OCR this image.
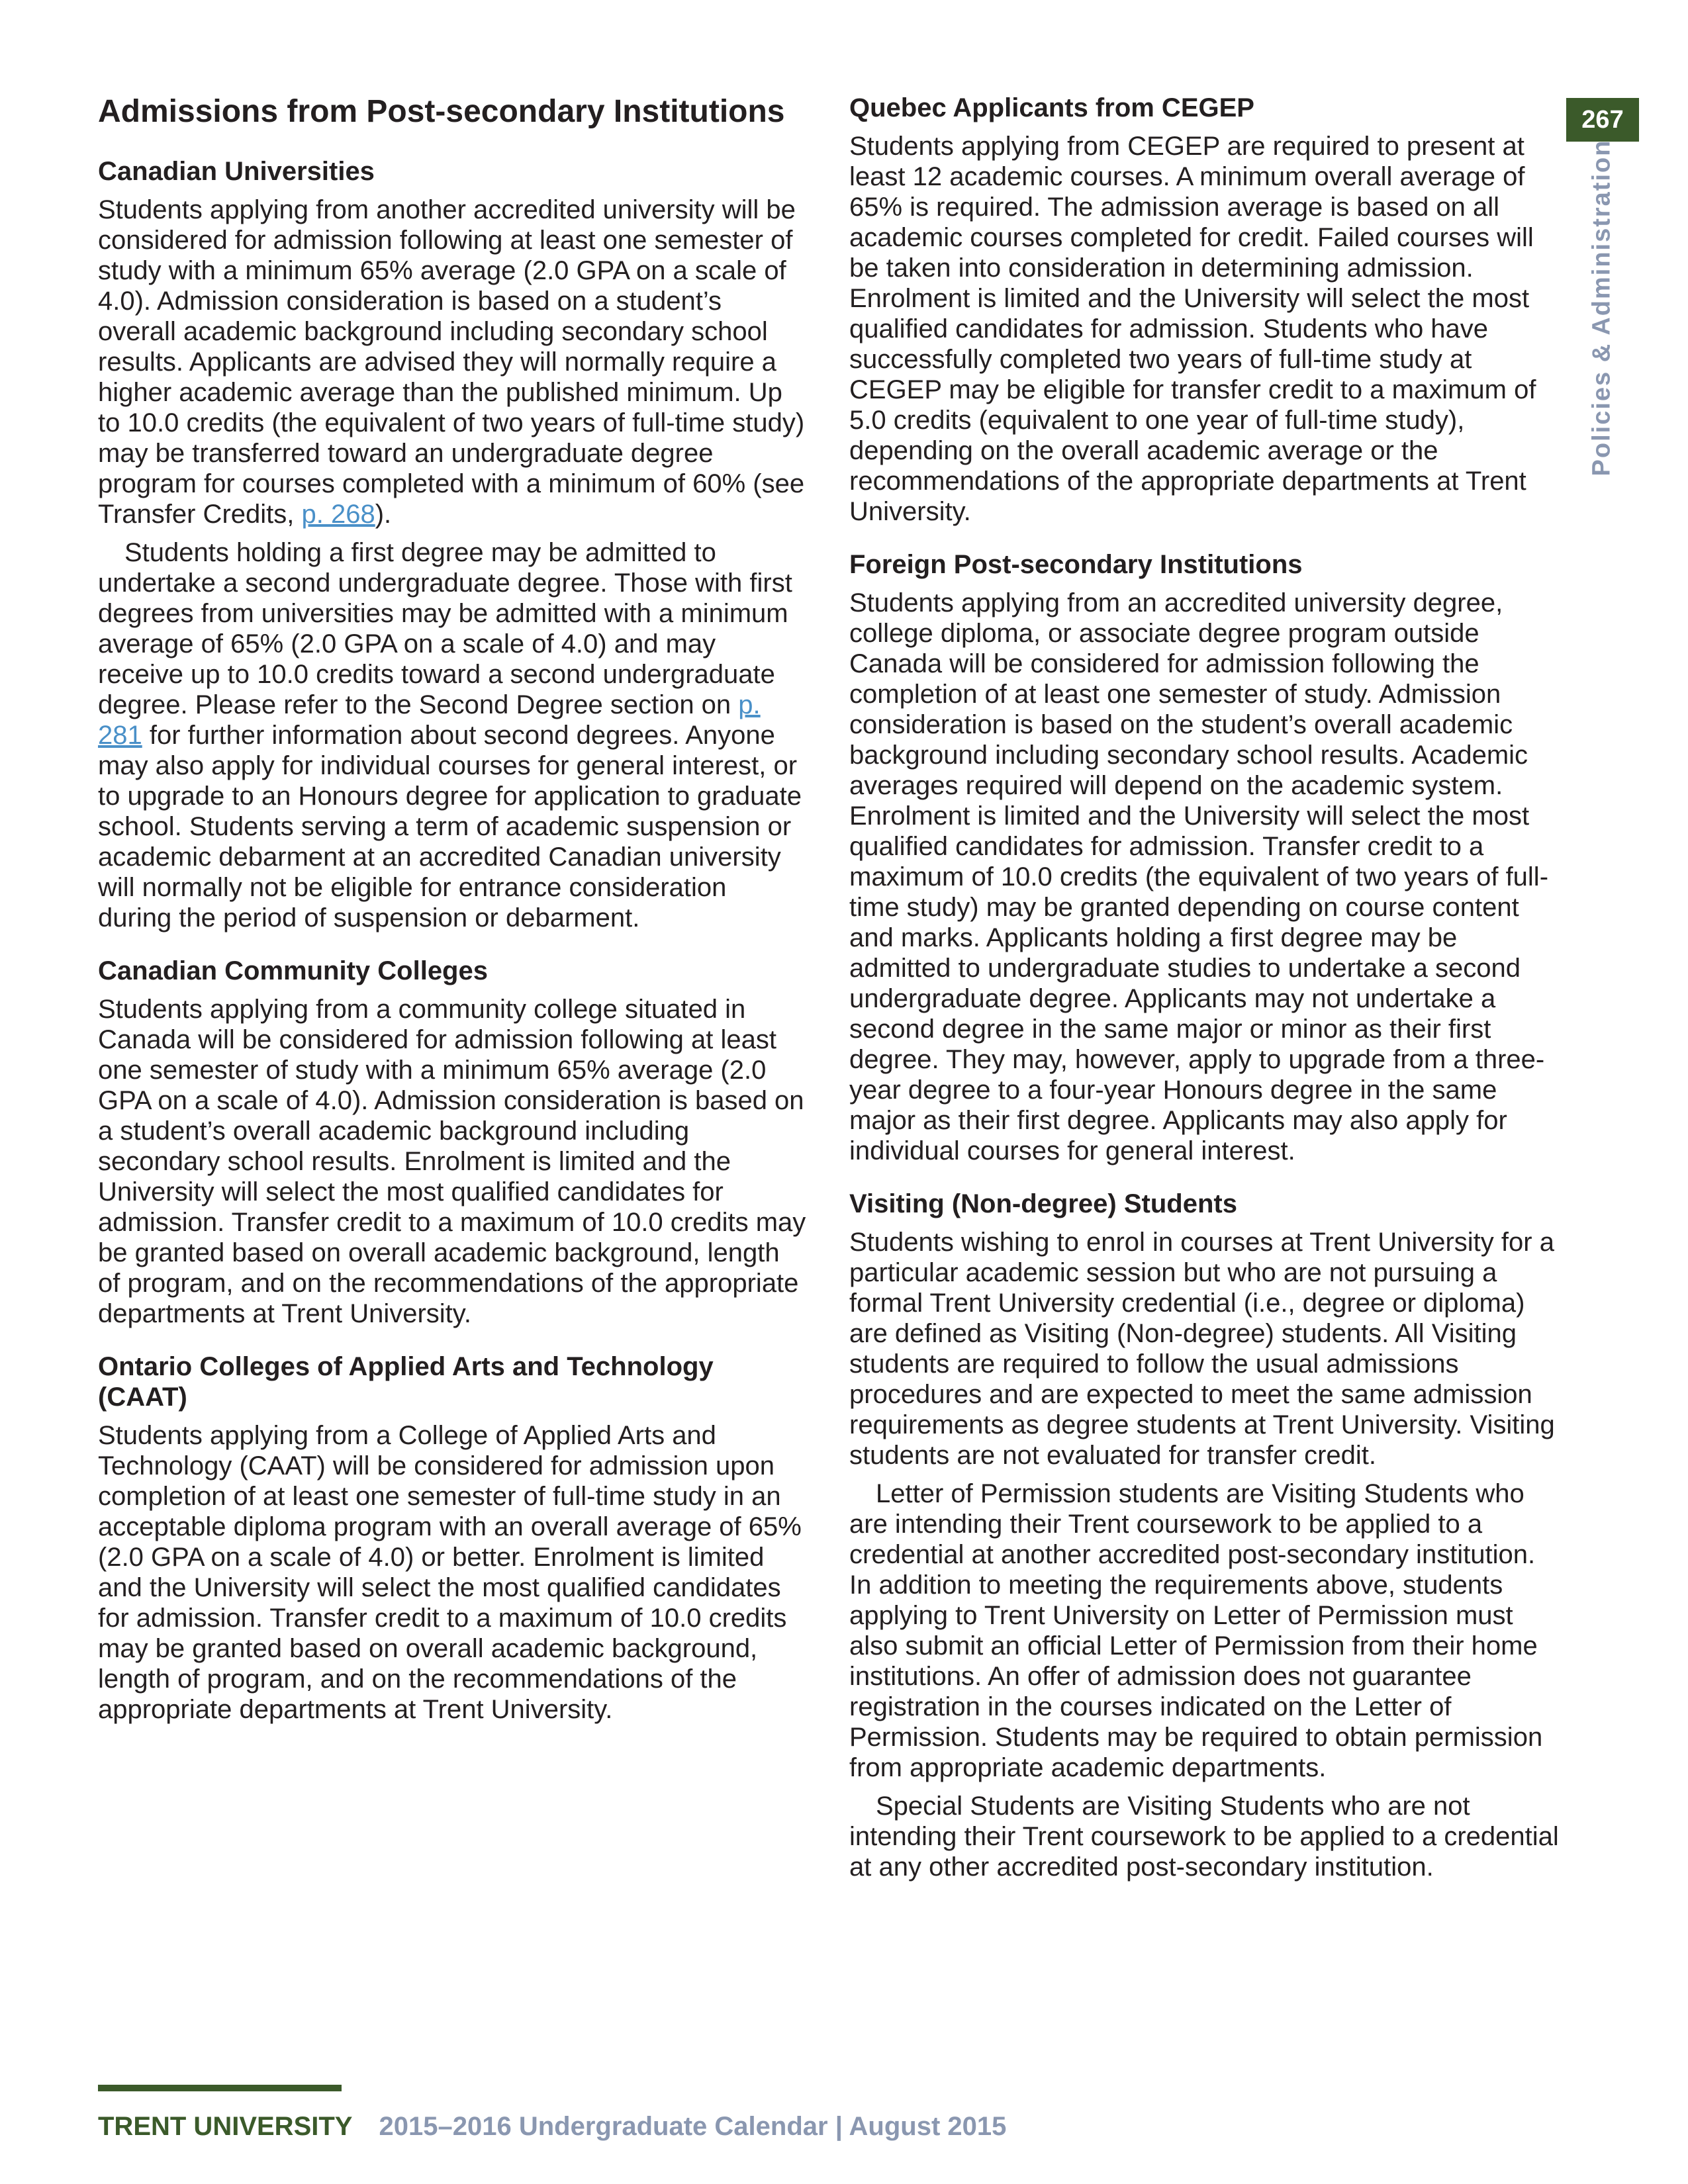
267
Policies & Administration
Admissions from Post-secondary Institutions
Canadian Universities

Students applying from another accredited university will be considered for admission following at least one semester of study with a minimum 65% average (2.0 GPA on a scale of 4.0). Admission consideration is based on a student’s overall academic background including secondary school results. Applicants are advised they will normally require a higher academic average than the published minimum. Up to 10.0 credits (the equivalent of two years of full-time study) may be transferred toward an undergraduate degree program for courses completed with a minimum of 60% (see Transfer Credits, p. 268).

Students holding a first degree may be admitted to undertake a second undergraduate degree. Those with first degrees from universities may be admitted with a minimum average of 65% (2.0 GPA on a scale of 4.0) and may receive up to 10.0 credits toward a second undergraduate degree. Please refer to the Second Degree section on p. 281 for further information about second degrees. Anyone may also apply for individual courses for general interest, or to upgrade to an Honours degree for application to graduate school. Students serving a term of academic suspension or academic debarment at an accredited Canadian university will normally not be eligible for entrance consideration during the period of suspension or debarment.

Canadian Community Colleges

Students applying from a community college situated in Canada will be considered for admission following at least one semester of study with a minimum 65% average (2.0 GPA on a scale of 4.0). Admission consideration is based on a student’s overall academic background including secondary school results. Enrolment is limited and the University will select the most qualified candidates for admission. Transfer credit to a maximum of 10.0 credits may be granted based on overall academic background, length of program, and on the recommendations of the appropriate departments at Trent University.

Ontario Colleges of Applied Arts and Technology (CAAT)

Students applying from a College of Applied Arts and Technology (CAAT) will be considered for admission upon completion of at least one semester of full-time study in an acceptable diploma program with an overall average of 65% (2.0 GPA on a scale of 4.0) or better. Enrolment is limited and the University will select the most qualified candidates for admission. Transfer credit to a maximum of 10.0 credits may be granted based on overall academic background, length of program, and on the recommendations of the appropriate departments at Trent University.

Quebec Applicants from CEGEP

Students applying from CEGEP are required to present at least 12 academic courses. A minimum overall average of 65% is required. The admission average is based on all academic courses completed for credit. Failed courses will be taken into consideration in determining admission. Enrolment is limited and the University will select the most qualified candidates for admission. Students who have successfully completed two years of full-time study at CEGEP may be eligible for transfer credit to a maximum of 5.0 credits (equivalent to one year of full-time study), depending on the overall academic average or the recommendations of the appropriate departments at Trent University.

Foreign Post-secondary Institutions

Students applying from an accredited university degree, college diploma, or associate degree program outside Canada will be considered for admission following the completion of at least one semester of study. Admission consideration is based on the student’s overall academic background including secondary school results. Academic averages required will depend on the academic system. Enrolment is limited and the University will select the most qualified candidates for admission. Transfer credit to a maximum of 10.0 credits (the equivalent of two years of full-time study) may be granted depending on course content and marks. Applicants holding a first degree may be admitted to undergraduate studies to undertake a second undergraduate degree. Applicants may not undertake a second degree in the same major or minor as their first degree. They may, however, apply to upgrade from a three-year degree to a four-year Honours degree in the same major as their first degree. Applicants may also apply for individual courses for general interest.

Visiting (Non-degree) Students

Students wishing to enrol in courses at Trent University for a particular academic session but who are not pursuing a formal Trent University credential (i.e., degree or diploma) are defined as Visiting (Non-degree) students. All Visiting students are required to follow the usual admissions procedures and are expected to meet the same admission requirements as degree students at Trent University. Visiting students are not evaluated for transfer credit.

Letter of Permission students are Visiting Students who are intending their Trent coursework to be applied to a credential at another accredited post-secondary institution. In addition to meeting the requirements above, students applying to Trent University on Letter of Permission must also submit an official Letter of Permission from their home institutions. An offer of admission does not guarantee registration in the courses indicated on the Letter of Permission. Students may be required to obtain permission from appropriate academic departments.

Special Students are Visiting Students who are not intending their Trent coursework to be applied to a credential at any other accredited post-secondary institution.

TRENT UNIVERSITY 2015–2016 Undergraduate Calendar | August 2015
